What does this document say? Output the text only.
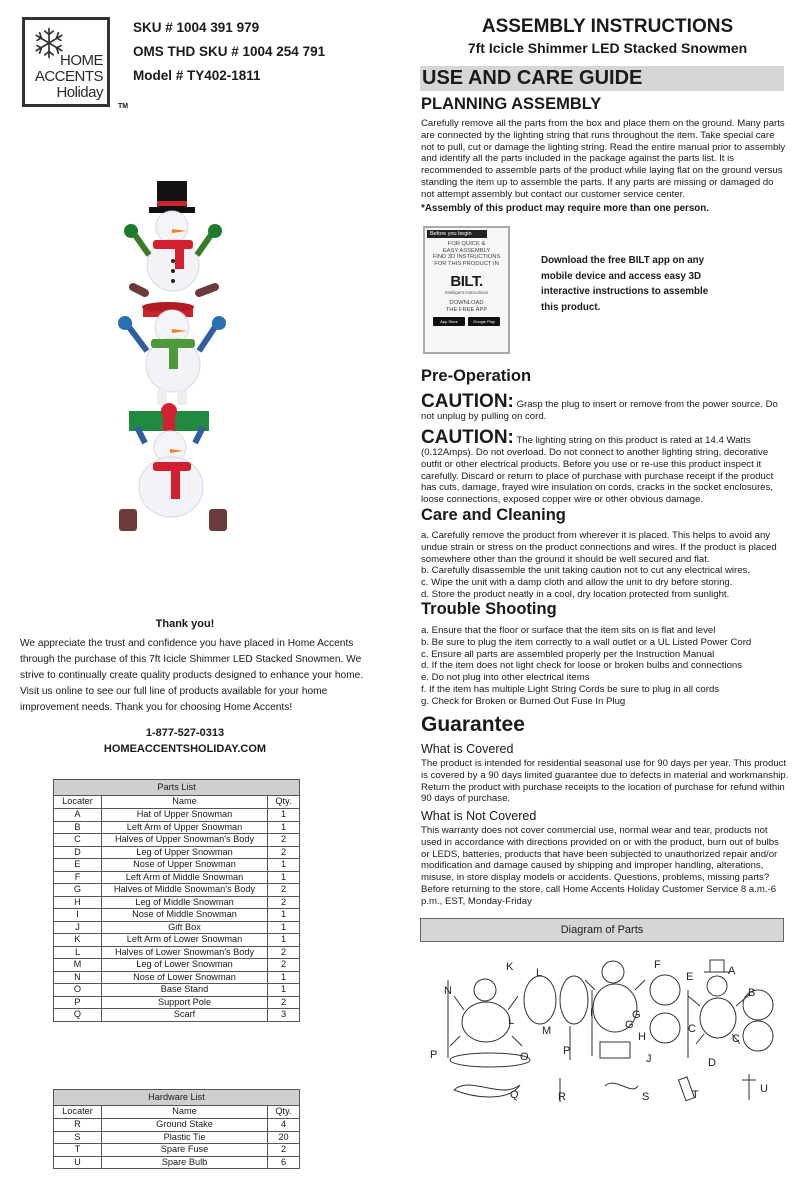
HOME
ACCENTS
Holiday
TM
SKU # 1004 391 979
OMS THD SKU # 1004 254 791
Model # TY402-1811
Thank you!
We appreciate the trust and confidence you have placed in Home Accents through the purchase of this 7ft Icicle Shimmer LED Stacked Snowmen. We strive to continually create quality products designed to enhance your home. Visit us online to see our full line of products available for your home improvement needs. Thank you for choosing Home Accents!
1-877-527-0313
HOMEACCENTSHOLIDAY.COM
Parts List		
Locater	Name	Qty.
A	Hat of Upper Snowman	1
B	Left Arm of Upper Snowman	1
C	Halves of Upper Snowman's Body	2
D	Leg of Upper Snowman	2
E	Nose of Upper Snowman	1
F	Left Arm of Middle Snowman	1
G	Halves of Middle Snowman's Body	2
H	Leg of Middle Snowman	2
I	Nose of Middle Snowman	1
J	Gift Box	1
K	Left Arm of Lower Snowman	1
L	Halves of Lower Snowman's Body	2
M	Leg of Lower Snowman	2
N	Nose of Lower Snowman	1
O	Base Stand	1
P	Support Pole	2
Q	Scarf	3
Hardware List		
Locater	Name	Qty.
R	Ground Stake	4
S	Plastic Tie	20
T	Spare Fuse	2
U	Spare Bulb	6
ASSEMBLY INSTRUCTIONS
7ft Icicle Shimmer LED Stacked Snowmen
USE AND CARE GUIDE
PLANNING ASSEMBLY
Carefully remove all the parts from the box and place them on the ground. Many parts are connected by the lighting string that runs throughout the item. Take special care not to pull, cut or damage the lighting string. Read the entire manual prior to assembly and identify all the parts included in the package against the parts list. It is recommended to assemble parts of the product while laying flat on the ground versus standing the item up to assemble the parts. If any parts are missing or damaged do not attempt assembly but contact our customer service center.
*Assembly of this product may require more than one person.
Before you begin
FOR QUICK &
EASY ASSEMBLY
FIND 3D INSTRUCTIONS
FOR THIS PRODUCT IN
BILT.
Intelligent Instructions
DOWNLOAD
THE FREE APP
App Store	Google Play
Download the free BILT app on any mobile device and access easy 3D interactive instructions to assemble this product.
Pre-Operation
CAUTION: Grasp the plug to insert or remove from the power source. Do not unplug by pulling on cord.
CAUTION: The lighting string on this product is rated at 14.4 Watts (0.12Amps). Do not overload. Do not connect to another lighting string, decorative outfit or other electrical products. Before you use or re-use this product inspect it carefully. Discard or return to place of purchase with purchase receipt if the product has cuts, damage, frayed wire insulation on cords, cracks in the socket enclosures, loose connections, exposed copper wire or other obvious damage.
Care and Cleaning
a. Carefully remove the product from wherever it is placed. This helps to avoid any undue strain or stress on the product connections and wires. If the product is placed somewhere other than the ground it should be well secured and flat.
b. Carefully disassemble the unit taking caution not to cut any electrical wires.
c. Wipe the unit with a damp cloth and allow the unit to dry before storing.
d. Store the product neatly in a cool, dry location protected from sunlight.
Trouble Shooting
a. Ensure that the floor or surface that the item sits on is flat and level
b. Be sure to plug the item correctly to a wall outlet or a UL Listed Power Cord
c. Ensure all parts are assembled properly per the Instruction Manual
d. If the item does not light check for loose or broken bulbs and connections
e. Do not plug into other electrical items
f. If the item has multiple Light String Cords be sure to plug in all cords
g. Check for Broken or Burned Out Fuse In Plug
Guarantee
What is Covered
The product is intended for residential seasonal use for 90 days per year. This product is covered by a 90 days limited guarantee due to defects in material and workmanship. Return the product with purchase receipts to the location of purchase for refund within 90 days of purchase.
What is Not Covered
This warranty does not cover commercial use, normal wear and tear, products not used in accordance with directions provided on or with the product, burn out of bulbs or LEDS, batteries, products that have been subjected to unauthorized repair and/or modification and damage caused by shipping and improper handling, alterations, misuse, in store display models or accidents. Questions, problems, missing parts? Before returning to the store, call Home Accents Holiday Customer Service 8 a.m.-6 p.m., EST, Monday-Friday
Diagram of Parts
K L
N
L
M
P	O	P
F
I	G
G
H
J
E	A
B
C
C
D
Q	R	S	T	U
